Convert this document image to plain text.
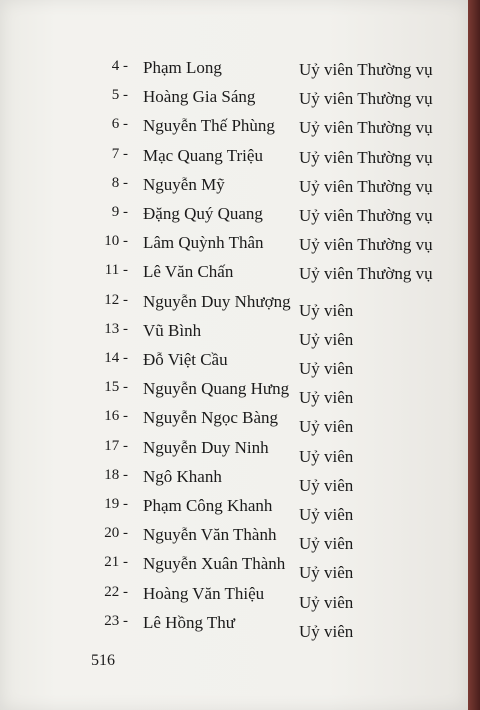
4 - Phạm Long	Uỷ viên Thường vụ
5 - Hoàng Gia Sáng	Uỷ viên Thường vụ
6 - Nguyễn Thế Phùng Uỷ viên Thường vụ
7 - Mạc Quang Triệu Uỷ viên Thường vụ
8 - Nguyễn Mỹ	Uỷ viên Thường vụ
9 - Đặng Quý Quang Uỷ viên Thường vụ
10 - Lâm Quỳnh Thân Uỷ viên Thường vụ
11 - Lê Văn Chấn	Uỷ viên Thường vụ
12 - Nguyễn Duy Nhượng Uỷ viên
13 - Vũ Bình	Uỷ viên
14 - Đỗ Việt Cầu	Uỷ viên
15 - Nguyễn Quang Hưng Uỷ viên
16 - Nguyễn Ngọc Bàng Uỷ viên
17 - Nguyễn Duy Ninh Uỷ viên
18 - Ngô Khanh	Uỷ viên
19 - Phạm Công Khanh Uỷ viên
20 - Nguyễn Văn Thành Uỷ viên
21 - Nguyễn Xuân Thành Uỷ viên
22 - Hoàng Văn Thiệu Uỷ viên
23 - Lê Hồng Thư	Uỷ viên
516
